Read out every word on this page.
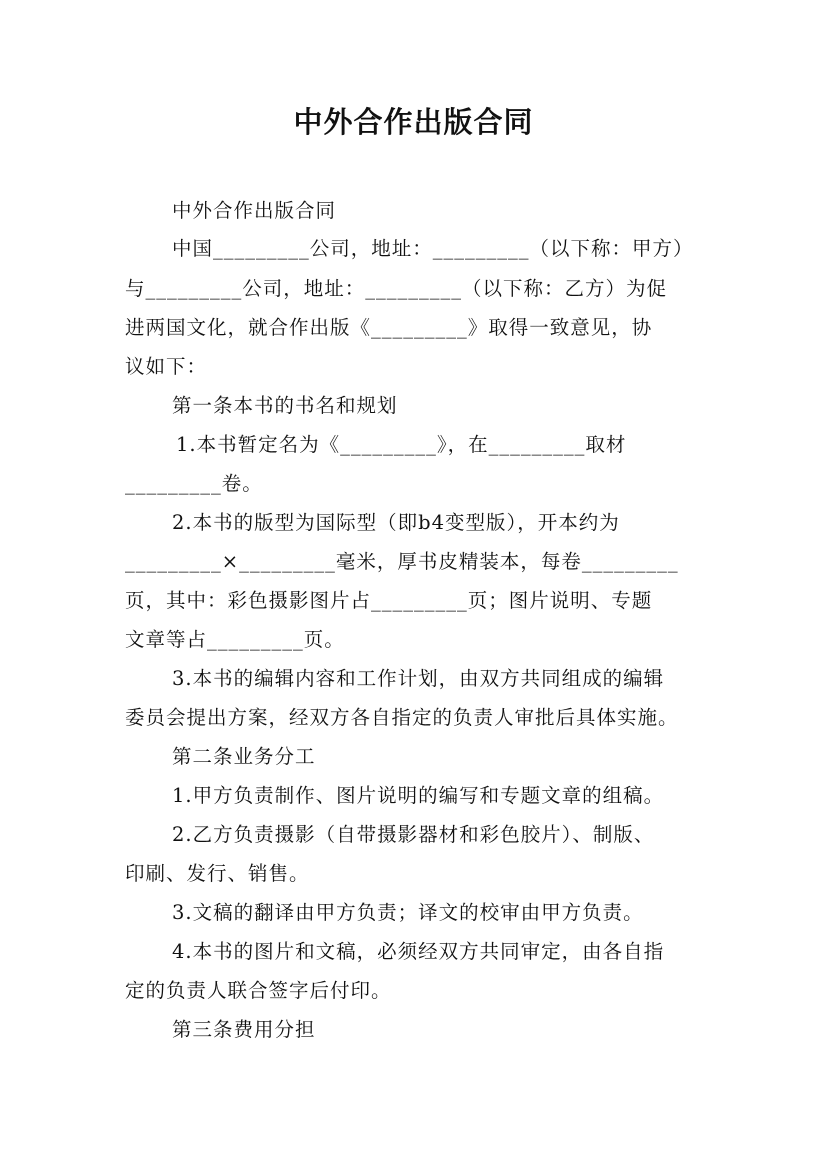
中外合作出版合同
中外合作出版合同
中国_________公司，地址：_________（以下称：甲方）
与_________公司，地址：_________（以下称：乙方）为促
进两国文化，就合作出版《_________》取得一致意见，协
议如下：
第一条本书的书名和规划
1.本书暂定名为《_________》，在_________取材
_________卷。
2.本书的版型为国际型（即b4变型版），开本约为
_________×_________毫米，厚书皮精装本，每卷_________
页，其中：彩色摄影图片占_________页；图片说明、专题
文章等占_________页。
3.本书的编辑内容和工作计划，由双方共同组成的编辑
委员会提出方案，经双方各自指定的负责人审批后具体实施。
第二条业务分工
1.甲方负责制作、图片说明的编写和专题文章的组稿。
2.乙方负责摄影（自带摄影器材和彩色胶片）、制版、
印刷、发行、销售。
3.文稿的翻译由甲方负责；译文的校审由甲方负责。
4.本书的图片和文稿，必须经双方共同审定，由各自指
定的负责人联合签字后付印。
第三条费用分担
